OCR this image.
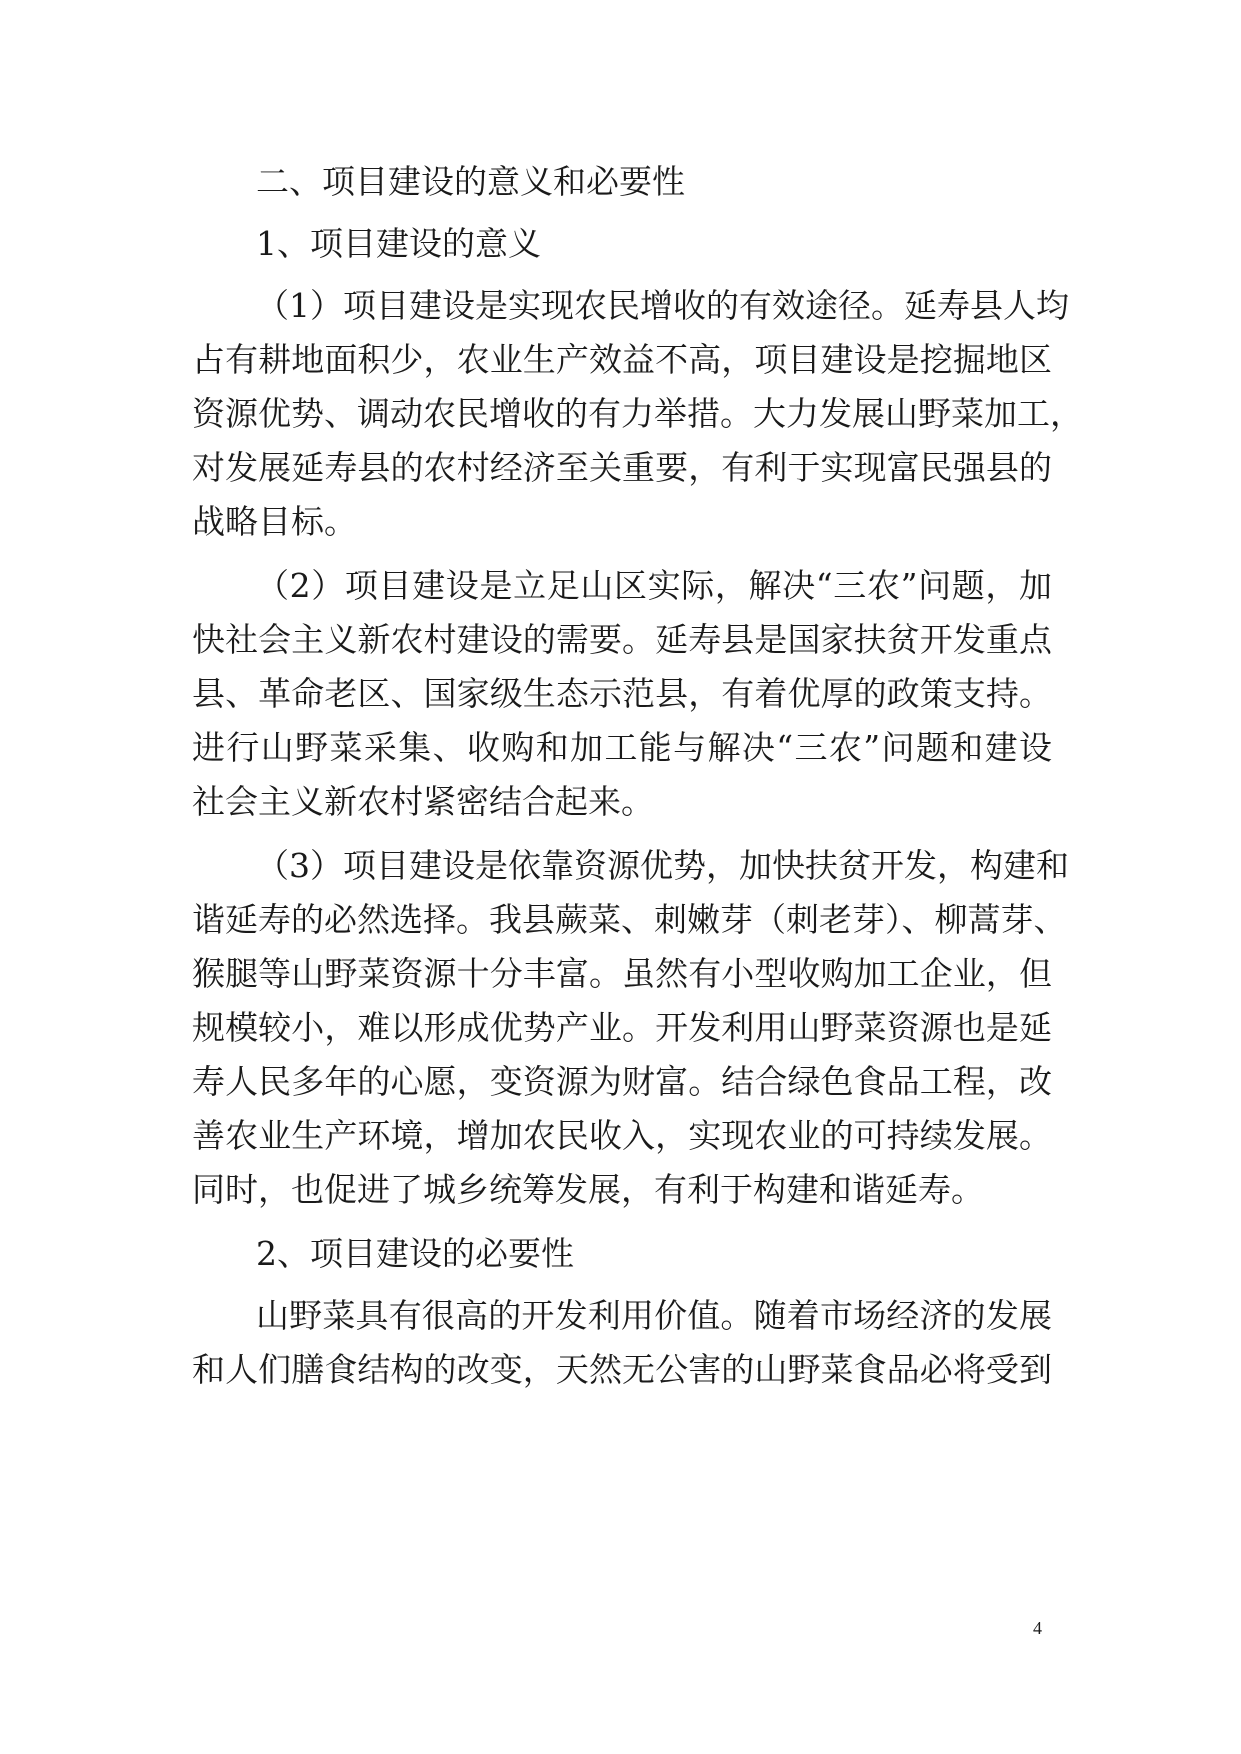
二、项目建设的意义和必要性
1、项目建设的意义
（1）项目建设是实现农民增收的有效途径。延寿县人均
占有耕地面积少，农业生产效益不高，项目建设是挖掘地区
资源优势、调动农民增收的有力举措。大力发展山野菜加工，
对发展延寿县的农村经济至关重要，有利于实现富民强县的
战略目标。
（2）项目建设是立足山区实际，解决“三农”问题，加
快社会主义新农村建设的需要。延寿县是国家扶贫开发重点
县、革命老区、国家级生态示范县，有着优厚的政策支持。
进行山野菜采集、收购和加工能与解决“三农”问题和建设
社会主义新农村紧密结合起来。
（3）项目建设是依靠资源优势，加快扶贫开发，构建和
谐延寿的必然选择。我县蕨菜、刺嫩芽（刺老芽）、柳蒿芽、
猴腿等山野菜资源十分丰富。虽然有小型收购加工企业，但
规模较小，难以形成优势产业。开发利用山野菜资源也是延
寿人民多年的心愿，变资源为财富。结合绿色食品工程，改
善农业生产环境，增加农民收入，实现农业的可持续发展。
同时，也促进了城乡统筹发展，有利于构建和谐延寿。
2、项目建设的必要性
山野菜具有很高的开发利用价值。随着市场经济的发展
和人们膳食结构的改变，天然无公害的山野菜食品必将受到
4
